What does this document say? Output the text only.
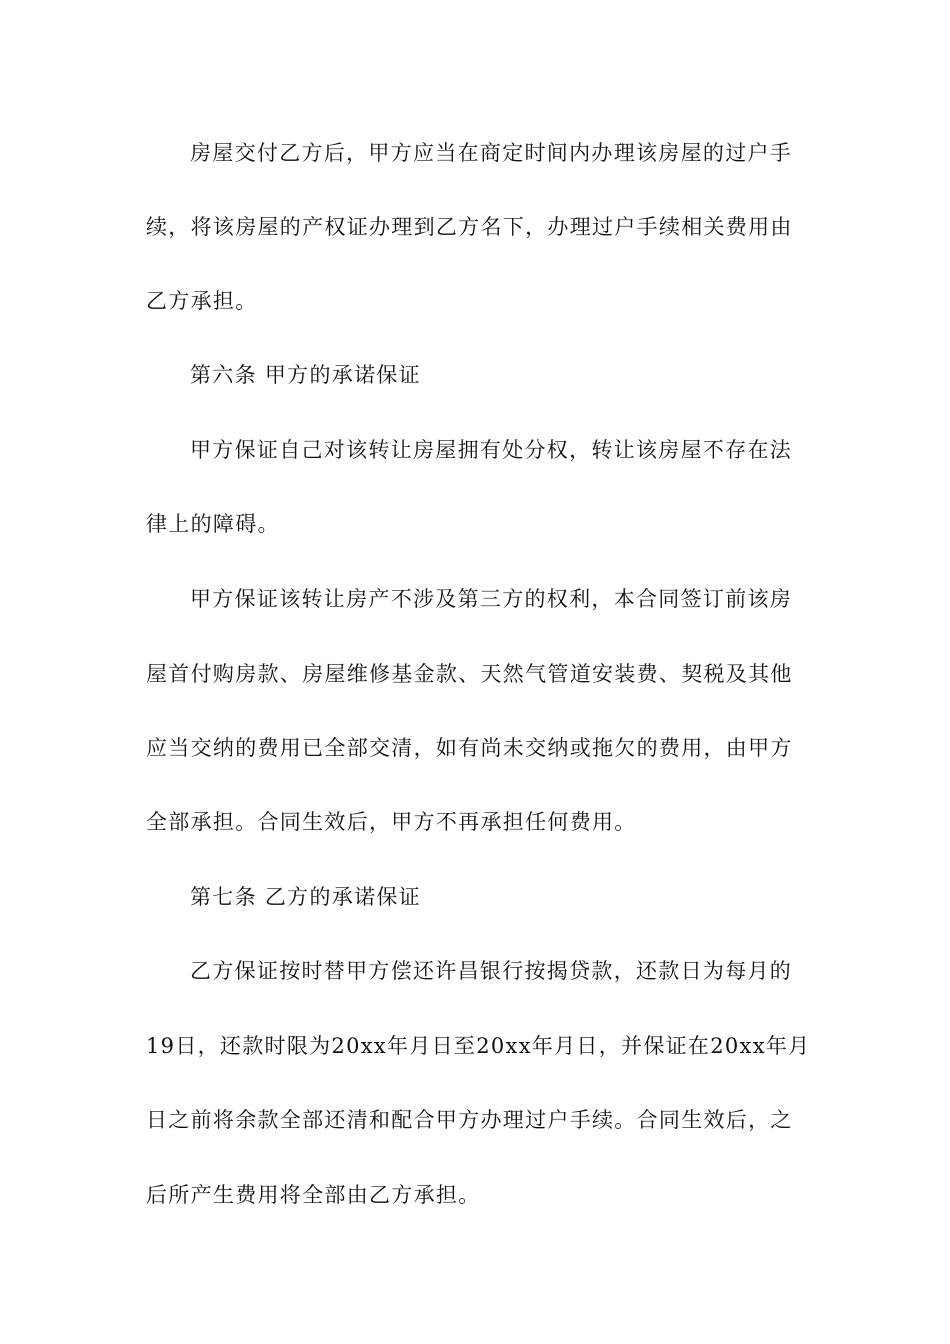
房屋交付乙方后，甲方应当在商定时间内办理该房屋的过户手
续，将该房屋的产权证办理到乙方名下，办理过户手续相关费用由
乙方承担。
第六条 甲方的承诺保证
甲方保证自己对该转让房屋拥有处分权，转让该房屋不存在法
律上的障碍。
甲方保证该转让房产不涉及第三方的权利，本合同签订前该房
屋首付购房款、房屋维修基金款、天然气管道安装费、契税及其他
应当交纳的费用已全部交清，如有尚未交纳或拖欠的费用，由甲方
全部承担。合同生效后，甲方不再承担任何费用。
第七条 乙方的承诺保证
乙方保证按时替甲方偿还许昌银行按揭贷款，还款日为每月的
19日，还款时限为20xx年月日至20xx年月日，并保证在20xx年月
日之前将余款全部还清和配合甲方办理过户手续。合同生效后，之
后所产生费用将全部由乙方承担。
